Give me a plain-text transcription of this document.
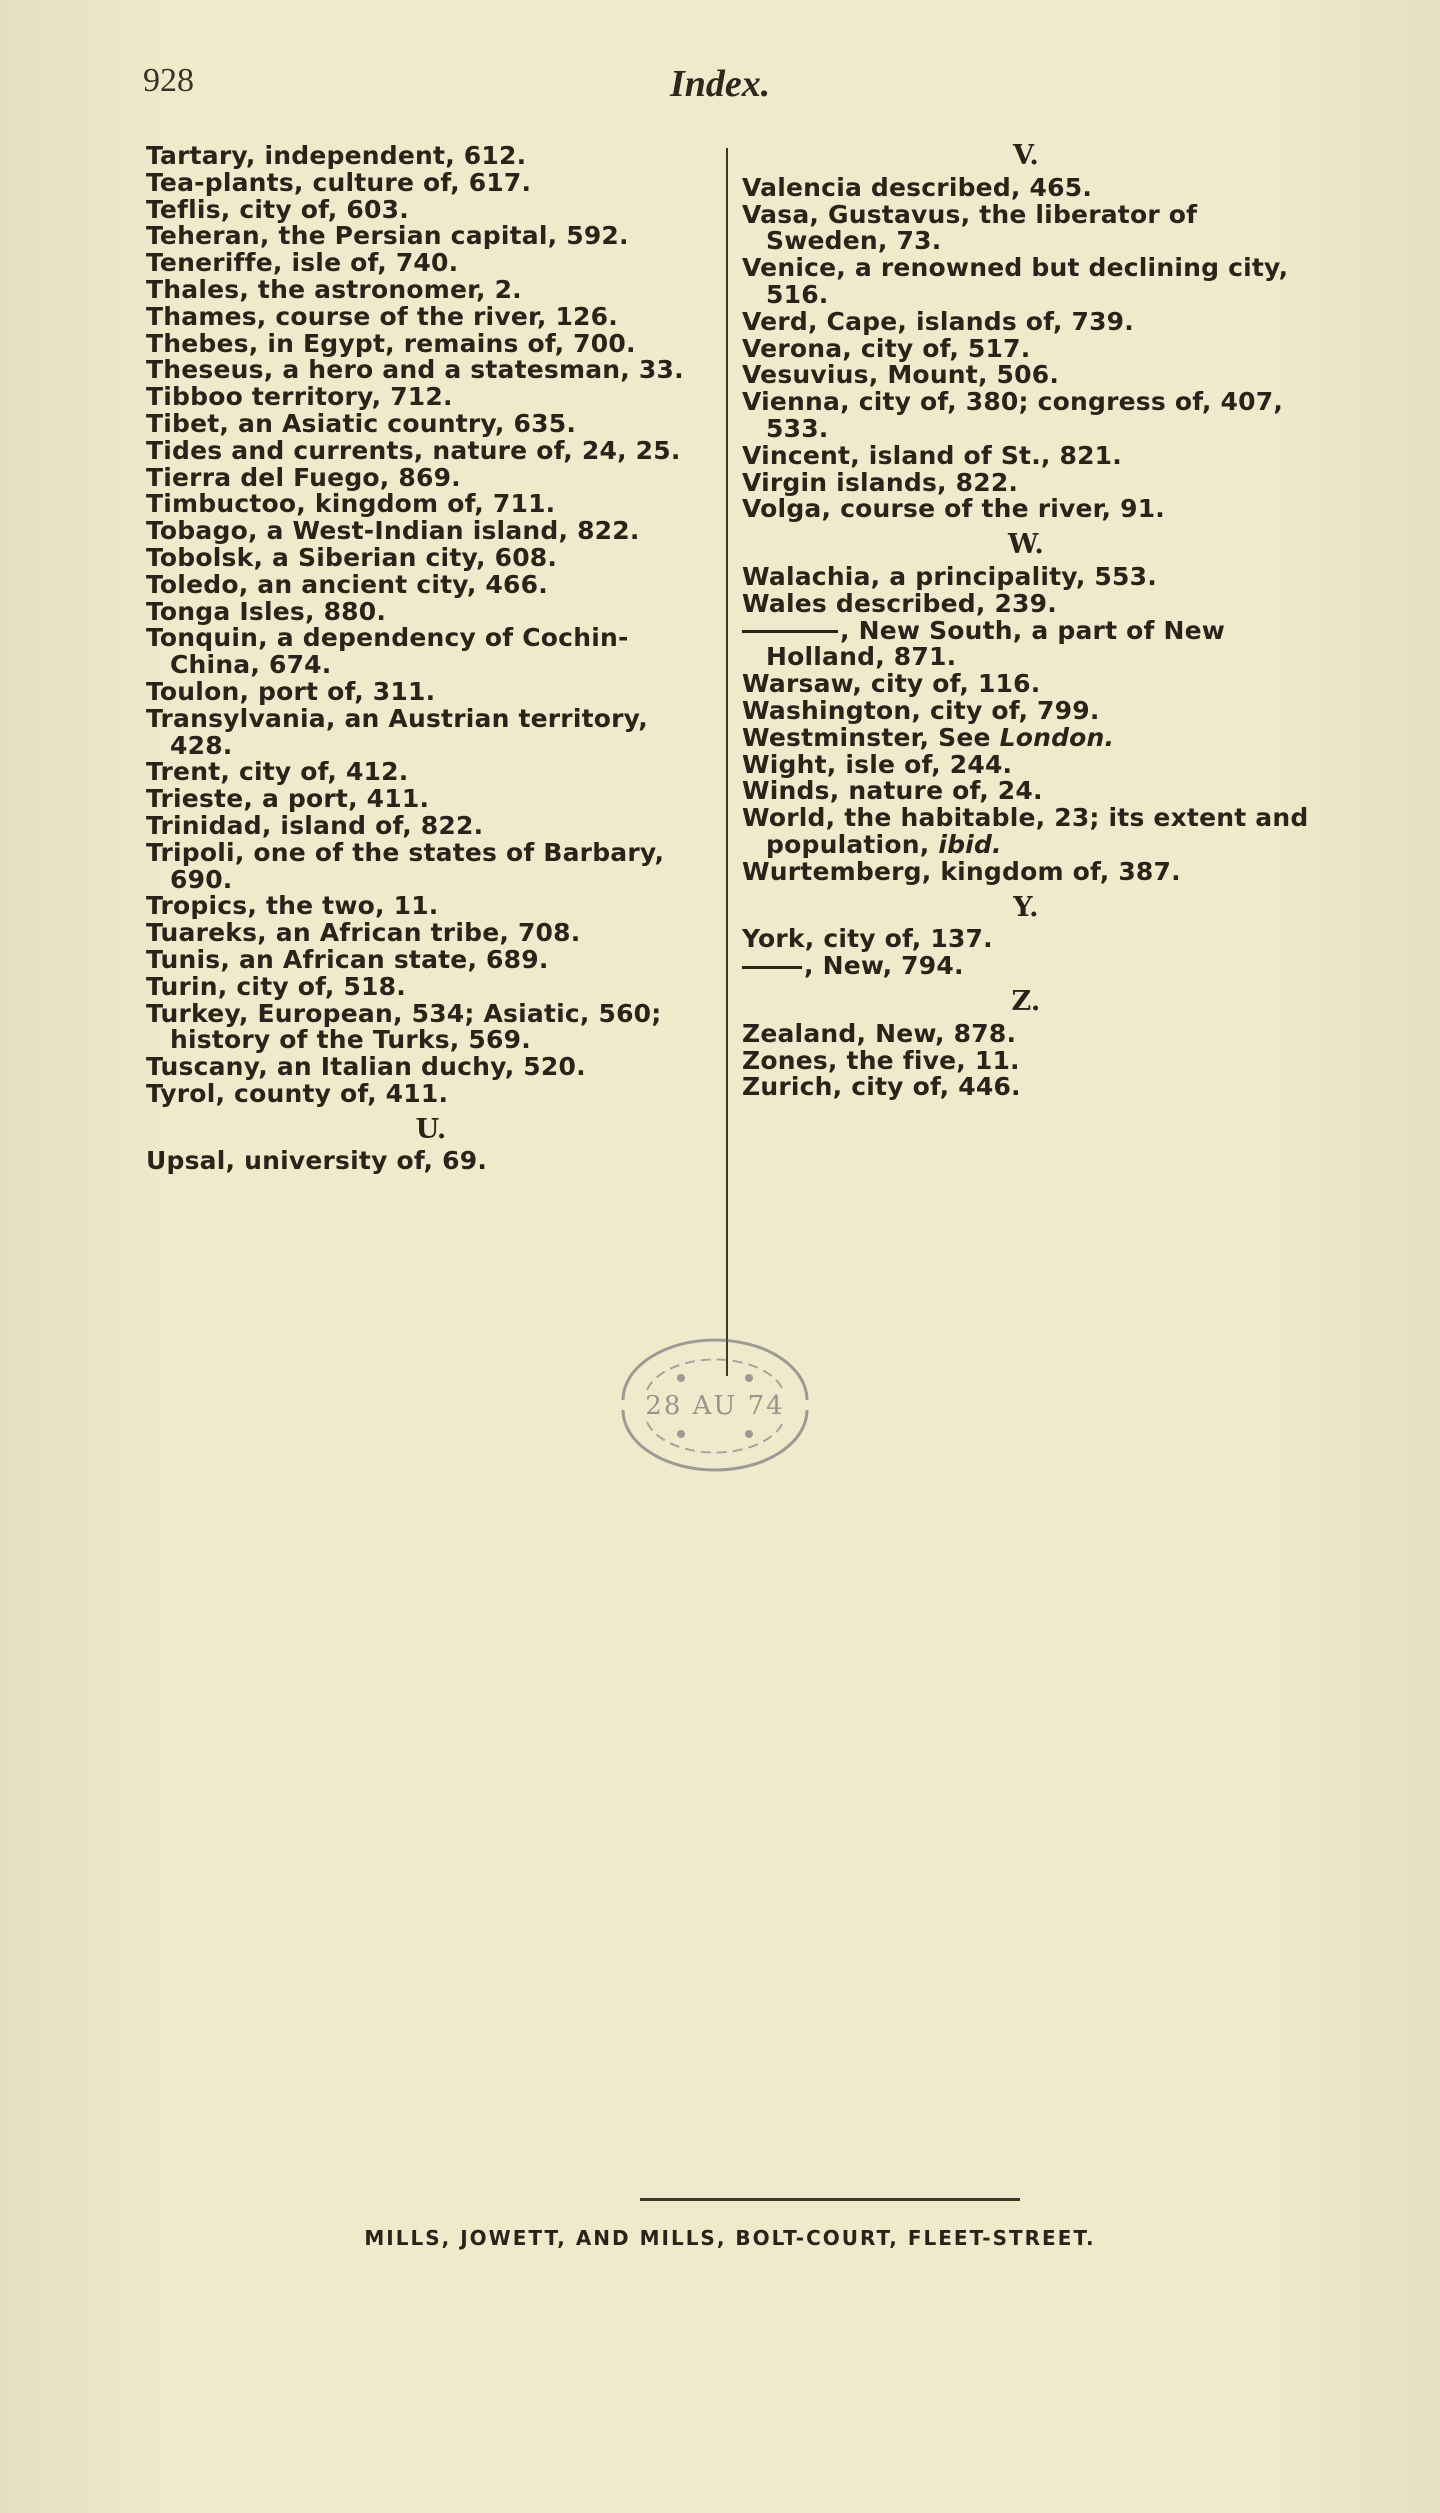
928	Index.

Tartary, independent, 612.

Tea-plants, culture of, 617.

Teflis, city of, 603.

Teheran, the Persian capital, 592.

Teneriffe, isle of, 740.

Thales, the astronomer, 2.

Thames, course of the river, 126.

Thebes, in Egypt, remains of, 700.

Theseus, a hero and a statesman, 33.

Tibboo territory, 712.

Tibet, an Asiatic country, 635.

Tides and currents, nature of, 24, 25.

Tierra del Fuego, 869.

Timbuctoo, kingdom of, 711.

Tobago, a West-Indian island, 822.

Tobolsk, a Siberian city, 608.

Toledo, an ancient city, 466.

Tonga Isles, 880.

Tonquin, a dependency of Cochin-China, 674.

Toulon, port of, 311.

Transylvania, an Austrian territory, 428.

Trent, city of, 412.

Trieste, a port, 411.

Trinidad, island of, 822.

Tripoli, one of the states of Barbary, 690.

Tropics, the two, 11.

Tuareks, an African tribe, 708.

Tunis, an African state, 689.

Turin, city of, 518.

Turkey, European, 534; Asiatic, 560; history of the Turks, 569.

Tuscany, an Italian duchy, 520.

Tyrol, county of, 411.

U.

Upsal, university of, 69.

V.

Valencia described, 465.

Vasa, Gustavus, the liberator of Sweden, 73.

Venice, a renowned but declining city, 516.

Verd, Cape, islands of, 739.

Verona, city of, 517.

Vesuvius, Mount, 506.

Vienna, city of, 380; congress of, 407, 533.

Vincent, island of St., 821.

Virgin islands, 822.

Volga, course of the river, 91.

W.

Walachia, a principality, 553.

Wales described, 239.

, New South, a part of New Holland, 871.

Warsaw, city of, 116.

Washington, city of, 799.

Westminster, See London.

Wight, isle of, 244.

Winds, nature of, 24.

World, the habitable, 23; its extent and population, ibid.

Wurtemberg, kingdom of, 387.

Y.

York, city of, 137.

, New, 794.

Z.

Zealand, New, 878.

Zones, the five, 11.

Zurich, city of, 446.

28 AU 74
MILLS, JOWETT, AND MILLS, BOLT-COURT, FLEET-STREET.
